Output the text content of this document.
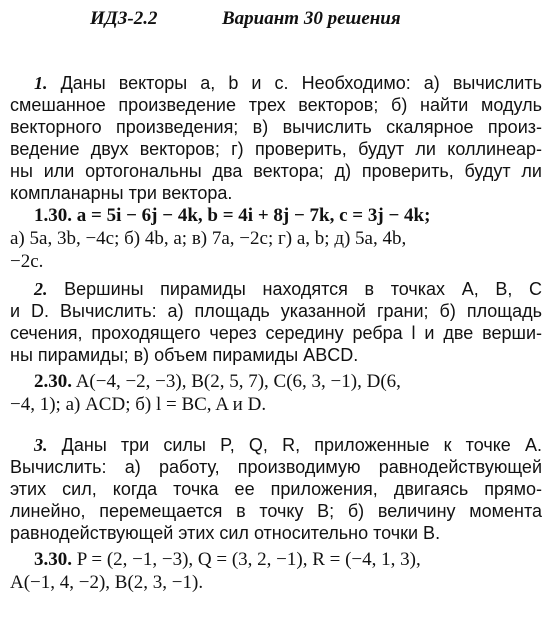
ИДЗ-2.2	Вариант 30 решения
1. Даны векторы a, b и c. Необходимо: а) вычислить
смешанное произведение трех векторов; б) найти модуль
векторного произведения; в) вычислить скалярное произ-
ведение двух векторов; г) проверить, будут ли коллинеар-
ны или ортогональны два вектора; д) проверить, будут ли
компланарны три вектора.
1.30. a = 5i − 6j − 4k, b = 4i + 8j − 7k, c = 3j − 4k;
а) 5a, 3b, −4c; б) 4b, a; в) 7a, −2c; г) a, b; д) 5a, 4b,
−2c.
2. Вершины пирамиды находятся в точках A, B, C
и D. Вычислить: а) площадь указанной грани; б) площадь
сечения, проходящего через середину ребра l и две верши-
ны пирамиды; в) объем пирамиды ABCD.
2.30. A(−4, −2, −3), B(2, 5, 7), C(6, 3, −1), D(6,
−4, 1); а) ACD; б) l = BC, A и D.
3. Даны три силы P, Q, R, приложенные к точке A.
Вычислить: а) работу, производимую равнодействующей
этих сил, когда точка ее приложения, двигаясь прямо-
линейно, перемещается в точку B; б) величину момента
равнодействующей этих сил относительно точки B.
3.30. P = (2, −1, −3), Q = (3, 2, −1), R = (−4, 1, 3),
A(−1, 4, −2), B(2, 3, −1).
